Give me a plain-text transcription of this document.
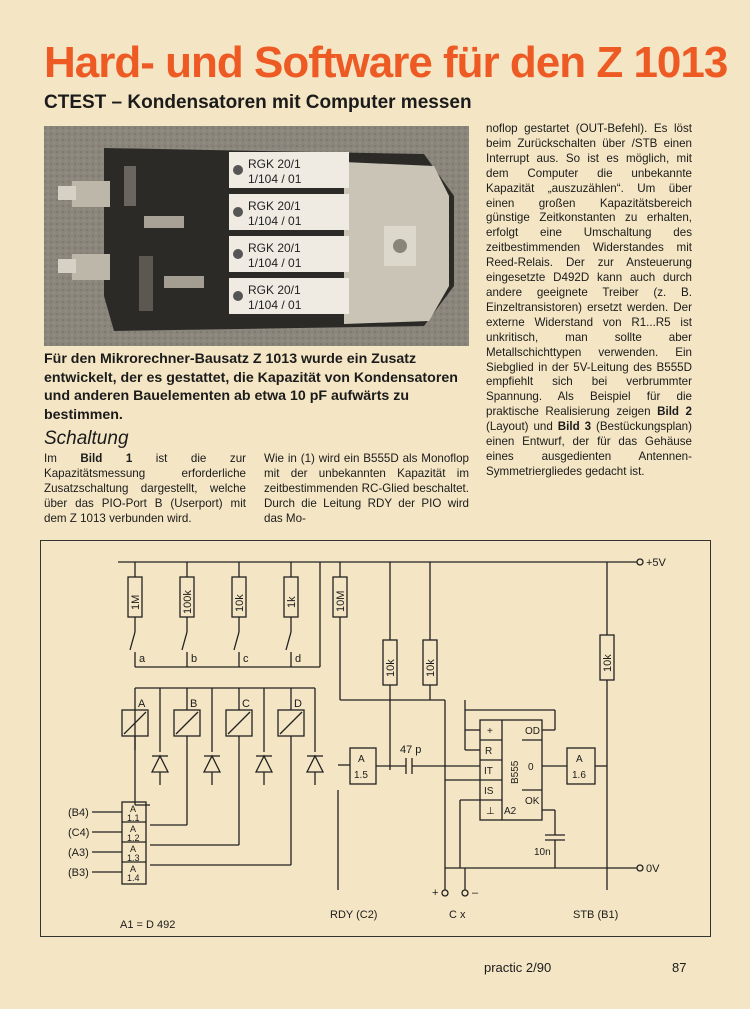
Hard- und Software für den Z 1013
CTEST – Kondensatoren mit Computer messen
RGK 20/1
1/104 / 01
RGK 20/1
1/104 / 01
RGK 20/1
1/104 / 01
RGK 20/1
1/104 / 01
Für den Mikrorechner-Bausatz Z 1013 wurde ein Zusatz entwickelt, der es gestattet, die Kapazität von Kondensatoren und anderen Bauelementen ab etwa 10 pF aufwärts zu bestimmen.
Schaltung
Im Bild 1 ist die zur Kapazitätsmessung erforderliche Zusatzschaltung dargestellt, welche über das PIO-Port B (Userport) mit dem Z 1013 verbunden wird.
Wie in (1) wird ein B555D als Monoflop mit der unbekannten Kapazität im zeitbestimmenden RC-Glied beschaltet. Durch die Leitung RDY der PIO wird das Mo-
noflop gestartet (OUT-Befehl). Es löst beim Zurückschalten über /STB einen Interrupt aus. So ist es möglich, mit dem Computer die unbekannte Kapazität „auszuzählen“. Um über einen großen Kapazitätsbereich günstige Zeitkonstanten zu erhalten, erfolgt eine Umschaltung des zeitbestimmenden Widerstandes mit Reed-Relais. Der zur Ansteuerung eingesetzte D492D kann auch durch andere geeignete Treiber (z. B. Einzeltransistoren) ersetzt werden. Der externe Widerstand von R1...R5 ist unkritisch, man sollte aber Metallschichttypen verwenden. Ein Siebglied in der 5V-Leitung des B555D empfiehlt sich bei verbrummter Spannung. Als Beispiel für die praktische Realisierung zeigen Bild 2 (Layout) und Bild 3 (Bestückungsplan) einen Entwurf, der für das Gehäuse eines ausgedienten Antennen-Symmetriergliedes gedacht ist.
+5V
0V
1M	100k	10k	1k	10M
10k	10k	10k
a	b	c	d
A	B	C	D
(B4)
(C4)
(A3)
(B3)
A
1.1
A
1.2
A
1.3
A
1.4
A1 = D 492
A
1.5
47 p
B555
+
R
IT
IS
⊥ A2
OD
0
OK
A
1.6
10n
RDY (C2)
+	–
C x	STB (B1)
practic 2/90	87
